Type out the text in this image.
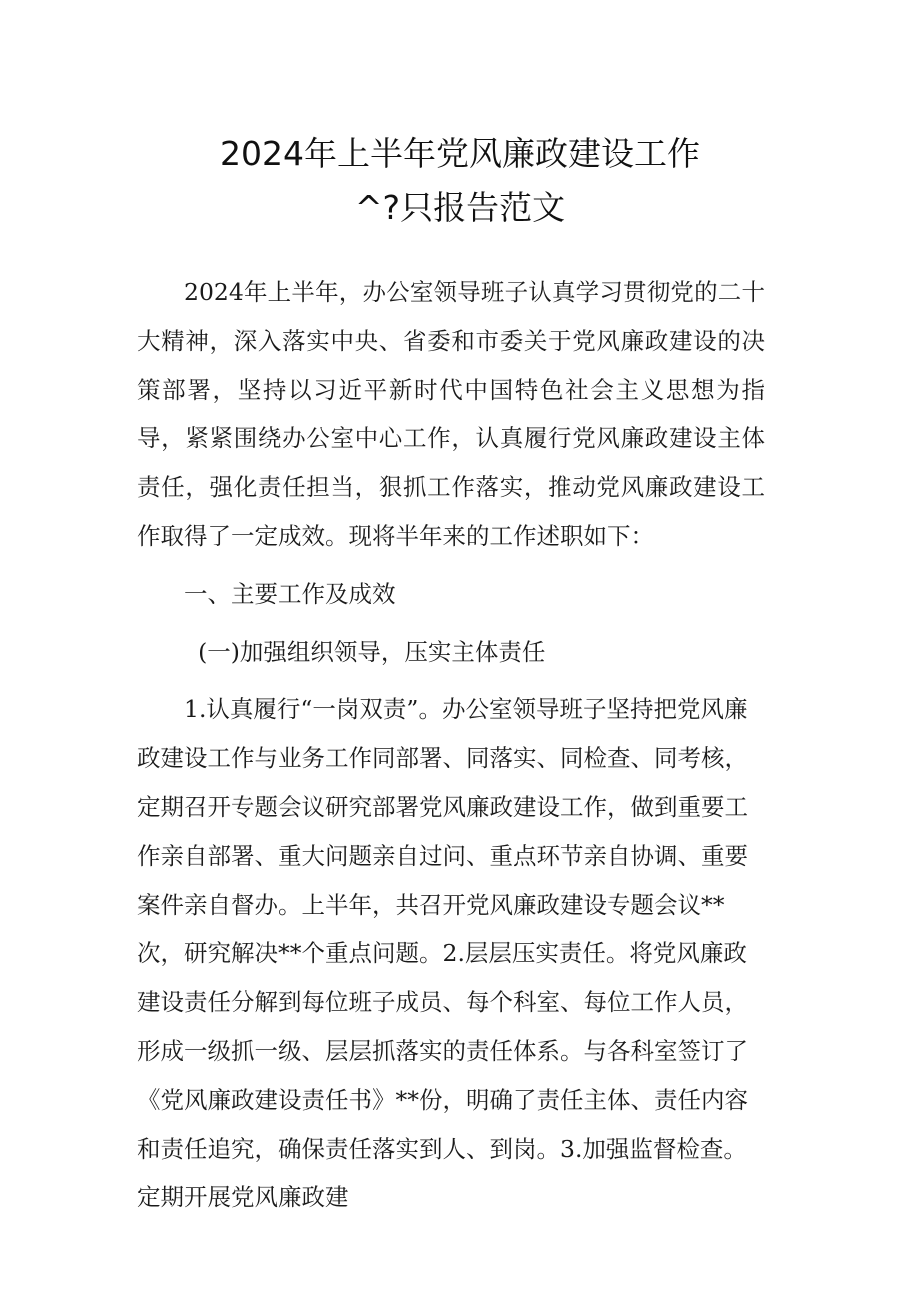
2024年上半年党风廉政建设工作
^?只报告范文

2024年上半年，办公室领导班子认真学习贯彻党的二十大精神，深入落实中央、省委和市委关于党风廉政建设的决策部署，坚持以习近平新时代中国特色社会主义思想为指导，紧紧围绕办公室中心工作，认真履行党风廉政建设主体责任，强化责任担当，狠抓工作落实，推动党风廉政建设工作取得了一定成效。现将半年来的工作述职如下：

一、主要工作及成效

(一)加强组织领导，压实主体责任

1.认真履行“一岗双责”。办公室领导班子坚持把党风廉政建设工作与业务工作同部署、同落实、同检查、同考核，定期召开专题会议研究部署党风廉政建设工作，做到重要工作亲自部署、重大问题亲自过问、重点环节亲自协调、重要案件亲自督办。上半年，共召开党风廉政建设专题会议**次，研究解决**个重点问题。2.层层压实责任。将党风廉政建设责任分解到每位班子成员、每个科室、每位工作人员，形成一级抓一级、层层抓落实的责任体系。与各科室签订了《党风廉政建设责任书》**份，明确了责任主体、责任内容和责任追究，确保责任落实到人、到岗。3.加强监督检查。定期开展党风廉政建
